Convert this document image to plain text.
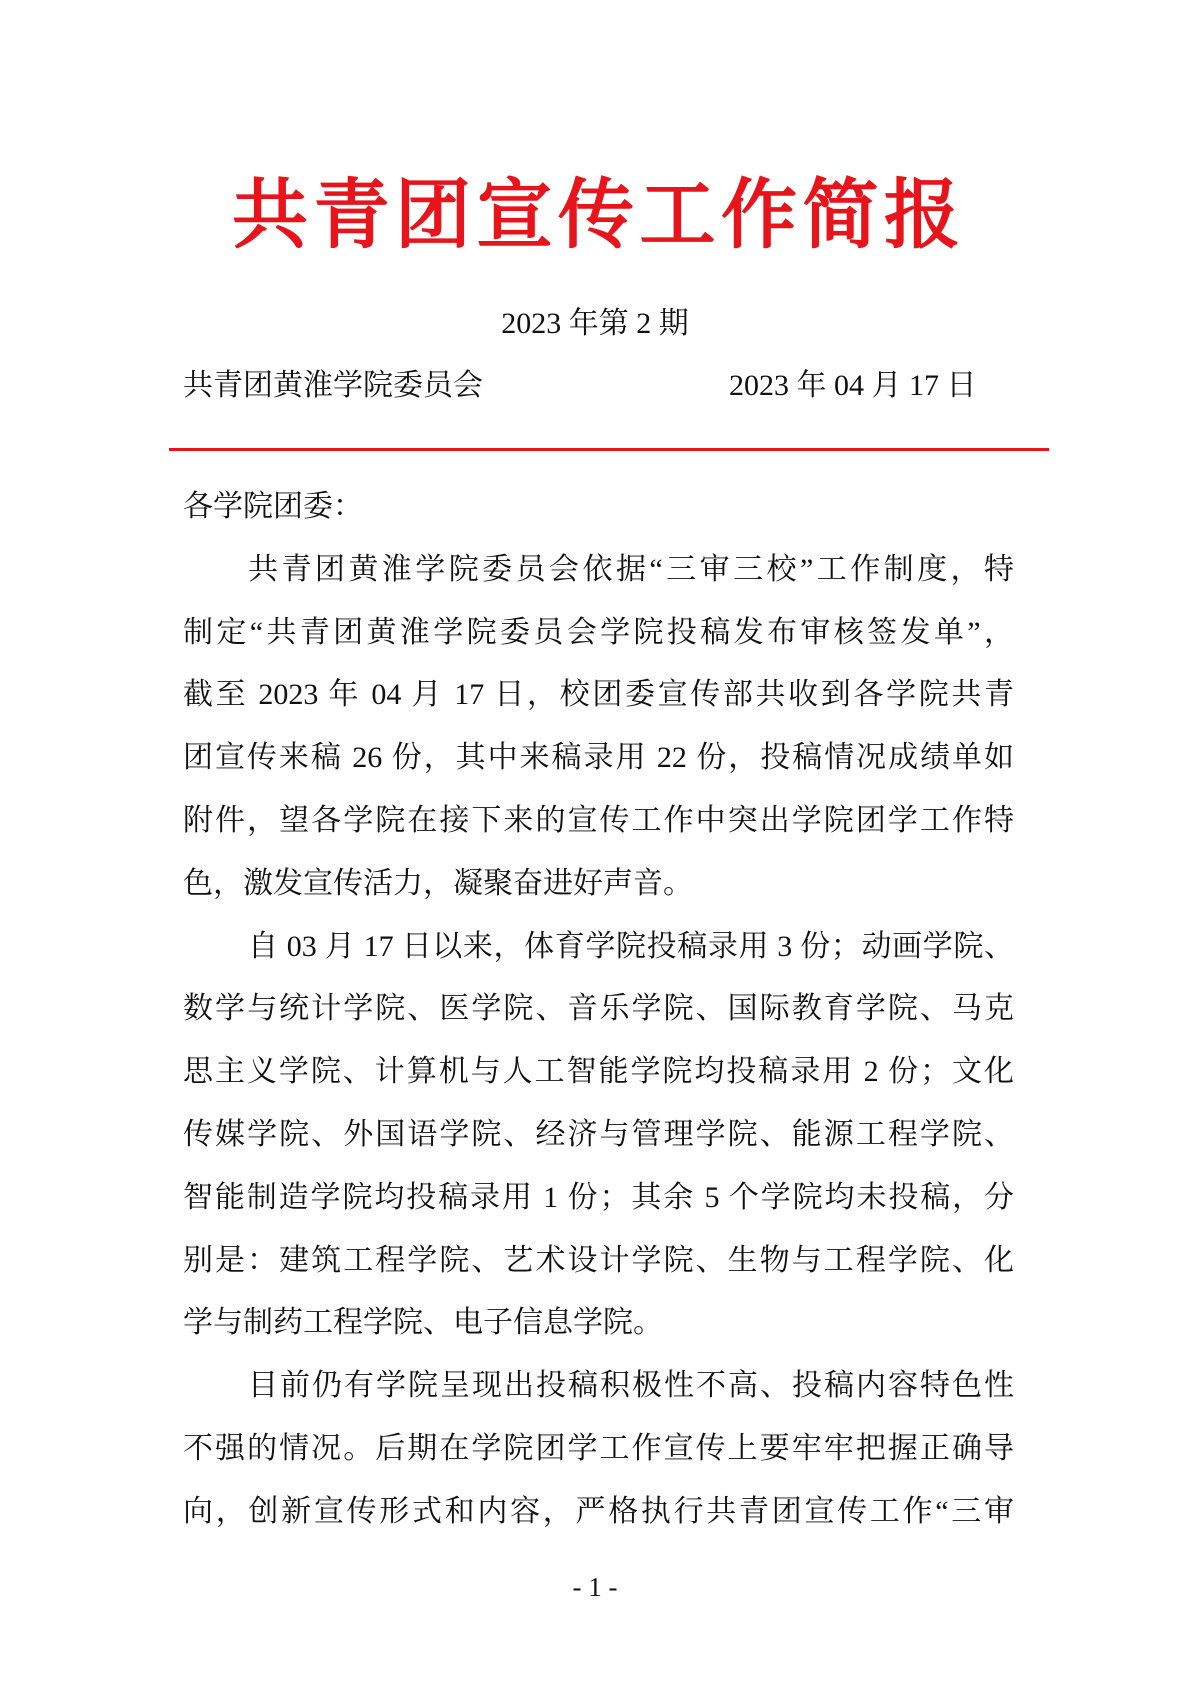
共青团宣传工作简报
2023 年第 2 期
共青团黄淮学院委员会	2023 年 04 月 17 日
各学院团委：
共青团黄淮学院委员会依据“三审三校”工作制度，特
制定“共青团黄淮学院委员会学院投稿发布审核签发单”，
截至 2023 年 04 月 17 日，校团委宣传部共收到各学院共青
团宣传来稿 26 份，其中来稿录用 22 份，投稿情况成绩单如
附件，望各学院在接下来的宣传工作中突出学院团学工作特
色，激发宣传活力，凝聚奋进好声音。
自 03 月 17 日以来，体育学院投稿录用 3 份；动画学院、
数学与统计学院、医学院、音乐学院、国际教育学院、马克
思主义学院、计算机与人工智能学院均投稿录用 2 份；文化
传媒学院、外国语学院、经济与管理学院、能源工程学院、
智能制造学院均投稿录用 1 份；其余 5 个学院均未投稿，分
别是：建筑工程学院、艺术设计学院、生物与工程学院、化
学与制药工程学院、电子信息学院。
目前仍有学院呈现出投稿积极性不高、投稿内容特色性
不强的情况。后期在学院团学工作宣传上要牢牢把握正确导
向，创新宣传形式和内容，严格执行共青团宣传工作“三审
- 1 -
